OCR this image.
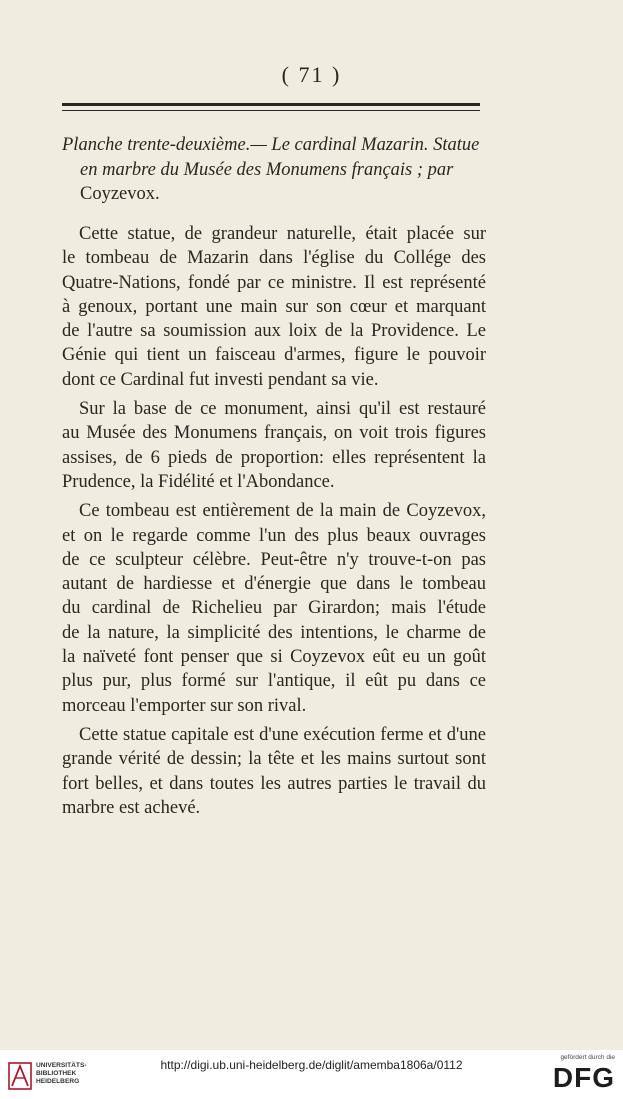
( 71 )
Planche trente-deuxième.— Le cardinal Mazarin. Statue
en marbre du Musée des Monumens français ; par
Coyzevox.
Cette statue, de grandeur naturelle, était placée sur
le tombeau de Mazarin dans l'église du Collége des
Quatre-Nations, fondé par ce ministre. Il est représenté
à genoux, portant une main sur son cœur et marquant
de l'autre sa soumission aux loix de la Providence. Le
Génie qui tient un faisceau d'armes, figure le pouvoir
dont ce Cardinal fut investi pendant sa vie.
Sur la base de ce monument, ainsi qu'il est restauré
au Musée des Monumens français, on voit trois figures
assises, de 6 pieds de proportion: elles représentent la
Prudence, la Fidélité et l'Abondance.
Ce tombeau est entièrement de la main de Coyzevox,
et on le regarde comme l'un des plus beaux ouvrages
de ce sculpteur célèbre. Peut-être n'y trouve-t-on pas
autant de hardiesse et d'énergie que dans le tombeau
du cardinal de Richelieu par Girardon; mais l'étude
de la nature, la simplicité des intentions, le charme de
la naïveté font penser que si Coyzevox eût eu un goût
plus pur, plus formé sur l'antique, il eût pu dans ce
morceau l'emporter sur son rival.
Cette statue capitale est d'une exécution ferme et d'une
grande vérité de dessin; la tête et les mains surtout sont
fort belles, et dans toutes les autres parties le travail du
marbre est achevé.
UNIVERSITÄTS-
BIBLIOTHEK
HEIDELBERG
http://digi.ub.uni-heidelberg.de/diglit/amemba1806a/0112
gefördert durch die
DFG
